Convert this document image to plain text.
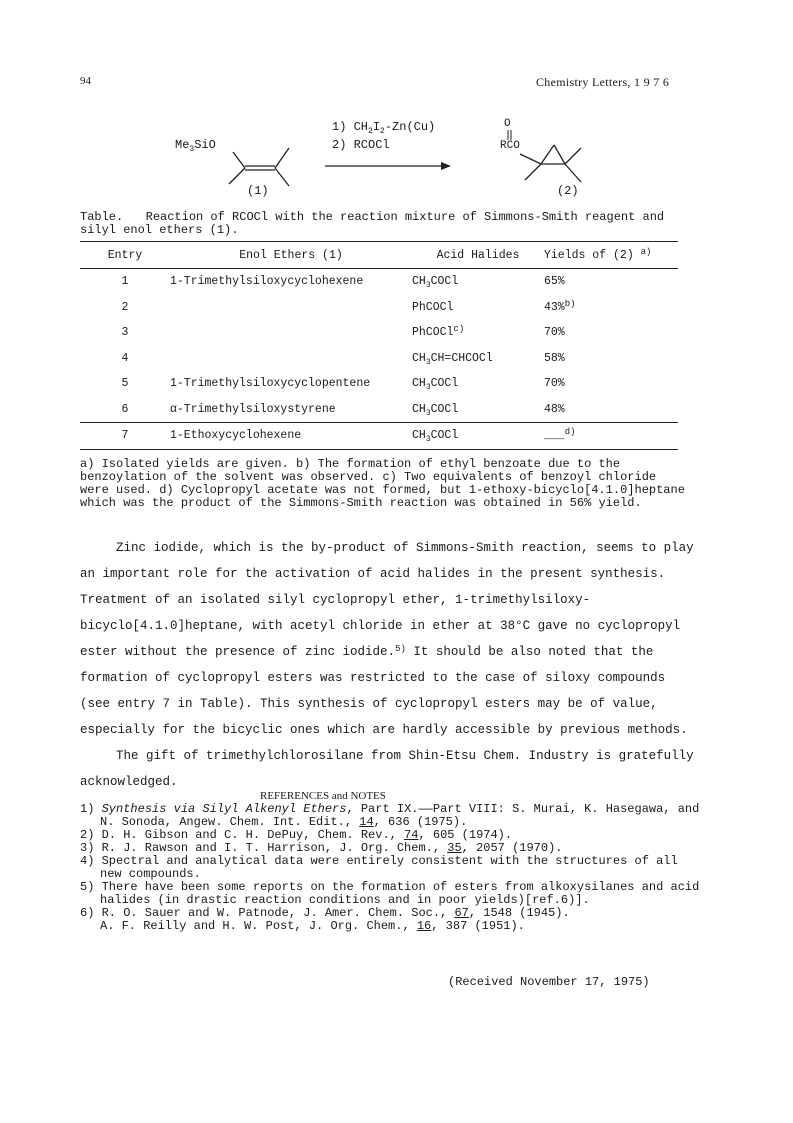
94	Chemistry Letters, 1 9 7 6
$Me_3SiO$
1) $CH_2I_2-Zn(Cu)$
2) RCOCl
O
RCO
(1)	(2)
Table. Reaction of RCOCl with the reaction mixture of Simmons-Smith reagent and silyl enol ethers (1).
Entry	Enol Ethers (1)	Acid Halides	Yields of (2) $^{a)}$
1	1-Trimethylsiloxycyclohexene	$CH_3COCl$	65%
2		PhCOCl	43%$^{b)}$
3		PhCOCl$^{c)}$	70%
4		$CH_3CH=CHCOCl$	58%
5	1-Trimethylsiloxycyclopentene	$CH_3COCl$	70%
6	α-Trimethylsiloxystyrene	$CH_3COCl$	48%
7	1-Ethoxycyclohexene	$CH_3COCl$	___$^{d)}$
a) Isolated yields are given. b) The formation of ethyl benzoate due to the benzoylation of the solvent was observed. c) Two equivalents of benzoyl chloride were used. d) Cyclopropyl acetate was not formed, but 1-ethoxy-bicyclo[4.1.0]heptane which was the product of the Simmons-Smith reaction was obtained in 56% yield.

Zinc iodide, which is the by-product of Simmons-Smith reaction, seems to play an important role for the activation of acid halides in the present synthesis. Treatment of an isolated silyl cyclopropyl ether, 1-trimethylsiloxy-bicyclo[4.1.0]heptane, with acetyl chloride in ether at 38°C gave no cyclopropyl ester without the presence of zinc iodide.$^{5)}$ It should be also noted that the formation of cyclopropyl esters was restricted to the case of siloxy compounds (see entry 7 in Table). This synthesis of cyclopropyl esters may be of value, especially for the bicyclic ones which are hardly accessible by previous methods.

The gift of trimethylchlorosilane from Shin-Etsu Chem. Industry is gratefully acknowledged.

REFERENCES and NOTES
1) Synthesis via Silyl Alkenyl Ethers, Part IX.——Part VIII: S. Murai, K. Hasegawa, and N. Sonoda, Angew. Chem. Int. Edit., 14, 636 (1975).
2) D. H. Gibson and C. H. DePuy, Chem. Rev., 74, 605 (1974).
3) R. J. Rawson and I. T. Harrison, J. Org. Chem., 35, 2057 (1970).
4) Spectral and analytical data were entirely consistent with the structures of all new compounds.
5) There have been some reports on the formation of esters from alkoxysilanes and acid halides (in drastic reaction conditions and in poor yields)[ref.6)].
6) R. O. Sauer and W. Patnode, J. Amer. Chem. Soc., 67, 1548 (1945).
A. F. Reilly and H. W. Post, J. Org. Chem., 16, 387 (1951).
(Received November 17, 1975)
